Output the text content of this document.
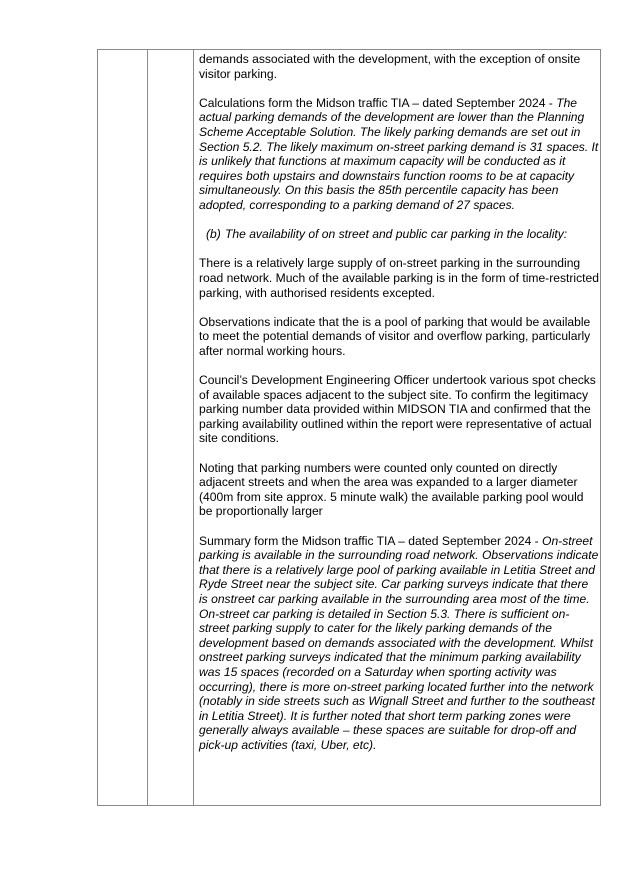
demands associated with the development, with the exception of onsite visitor parking.

Calculations form the Midson traffic TIA – dated September 2024 - The actual parking demands of the development are lower than the Planning Scheme Acceptable Solution. The likely parking demands are set out in Section 5.2. The likely maximum on-street parking demand is 31 spaces. It is unlikely that functions at maximum capacity will be conducted as it requires both upstairs and downstairs function rooms to be at capacity simultaneously. On this basis the 85th percentile capacity has been adopted, corresponding to a parking demand of 27 spaces.

(b) The availability of on street and public car parking in the locality:

There is a relatively large supply of on-street parking in the surrounding road network. Much of the available parking is in the form of time-restricted parking, with authorised residents excepted.

Observations indicate that the is a pool of parking that would be available to meet the potential demands of visitor and overflow parking, particularly after normal working hours.

Council’s Development Engineering Officer undertook various spot checks of available spaces adjacent to the subject site. To confirm the legitimacy parking number data provided within MIDSON TIA and confirmed that the parking availability outlined within the report were representative of actual site conditions.

Noting that parking numbers were counted only counted on directly adjacent streets and when the area was expanded to a larger diameter (400m from site approx. 5 minute walk) the available parking pool would be proportionally larger

Summary form the Midson traffic TIA – dated September 2024 - On-street parking is available in the surrounding road network. Observations indicate that there is a relatively large pool of parking available in Letitia Street and Ryde Street near the subject site. Car parking surveys indicate that there is onstreet car parking available in the surrounding area most of the time. On-street car parking is detailed in Section 5.3. There is sufficient on-street parking supply to cater for the likely parking demands of the development based on demands associated with the development. Whilst onstreet parking surveys indicated that the minimum parking availability was 15 spaces (recorded on a Saturday when sporting activity was occurring), there is more on-street parking located further into the network (notably in side streets such as Wignall Street and further to the southeast in Letitia Street). It is further noted that short term parking zones were generally always available – these spaces are suitable for drop-off and pick-up activities (taxi, Uber, etc).
